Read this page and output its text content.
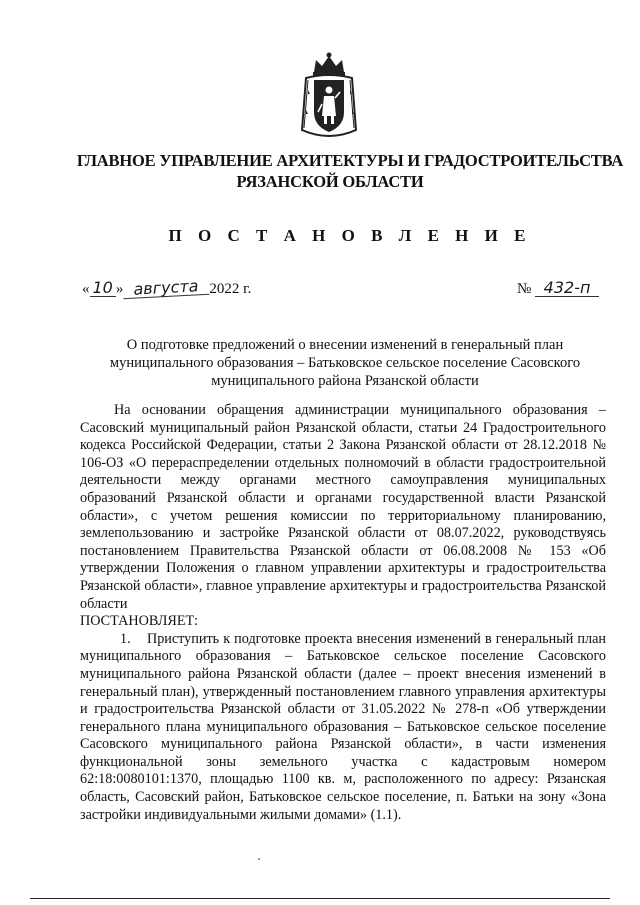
ГЛАВНОЕ УПРАВЛЕНИЕ АРХИТЕКТУРЫ И ГРАДОСТРОИТЕЛЬСТВА
РЯЗАНСКОЙ ОБЛАСТИ
П О С Т А Н О В Л Е Н И Е
« 10 » августа 2022 г.	№ 432-п
О подготовке предложений о внесении изменений в генеральный план
муниципального образования – Батьковское сельское поселение Сасовского
муниципального района Рязанской области

На основании обращения администрации муниципального образования – Сасовский муниципальный район Рязанской области, статьи 24 Градостроительного кодекса Российской Федерации, статьи 2 Закона Рязанской области от 28.12.2018 № 106-ОЗ «О перераспределении отдельных полномочий в области градостроительной деятельности между органами местного самоуправления муниципальных образований Рязанской области и органами государственной власти Рязанской области», с учетом решения комиссии по территориальному планированию, землепользованию и застройке Рязанской области от 08.07.2022, руководствуясь постановлением Правительства Рязанской области от 06.08.2008 № 153 «Об утверждении Положения о главном управлении архитектуры и градостроительства Рязанской области», главное управление архитектуры и градостроительства Рязанской области

ПОСТАНОВЛЯЕТ:

1.    Приступить к подготовке проекта внесения изменений в генеральный план муниципального образования – Батьковское сельское поселение Сасовского муниципального района Рязанской области (далее – проект внесения изменений в генеральный план), утвержденный постановлением главного управления архитектуры и градостроительства Рязанской области от 31.05.2022 № 278-п «Об утверждении генерального плана муниципального образования – Батьковское сельское поселение Сасовского муниципального района Рязанской области», в части изменения функциональной зоны земельного участка с кадастровым номером 62:18:0080101:1370, площадью 1100 кв. м, расположенного по адресу: Рязанская область, Сасовский район, Батьковское сельское поселение, п. Батьки на зону «Зона застройки индивидуальными жилыми домами» (1.1).
